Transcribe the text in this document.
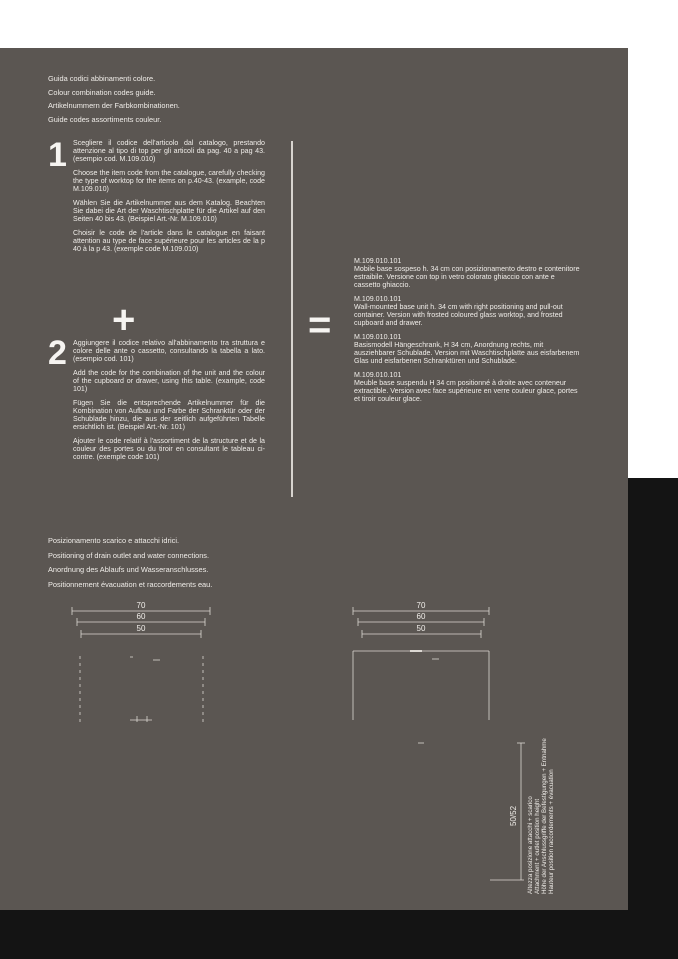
Guida codici abbinamenti colore.
Colour combination codes guide.
Artikelnummern der Farbkombinationen.
Guide codes assortiments couleur.
1 Scegliere il codice dell'articolo dal catalogo, prestando attenzione al tipo di top per gli articoli da pag. 40 a pag 43. (esempio cod. M.109.010)

Choose the item code from the catalogue, carefully checking the type of worktop for the items on p.40-43. (example, code M.109.010)

Wählen Sie die Artikelnummer aus dem Katalog. Beachten Sie dabei die Art der Waschtischplatte für die Artikel auf den Seiten 40 bis 43. (Beispiel Art.-Nr. M.109.010)

Choisir le code de l'article dans le catalogue en faisant attention au type de face supérieure pour les articles de la p 40 à la p 43. (exemple code M.109.010)

+
2 Aggiungere il codice relativo all'abbinamento tra struttura e colore delle ante o cassetto, consultando la tabella a lato. (esempio cod. 101)

Add the code for the combination of the unit and the colour of the cupboard or drawer, using this table. (example, code 101)

Fügen Sie die entsprechende Artikelnummer für die Kombination von Aufbau und Farbe der Schranktür oder der Schublade hinzu, die aus der seitlich aufgeführten Tabelle ersichtlich ist. (Beispiel Art.-Nr. 101)

Ajouter le code relatif à l'assortiment de la structure et de la couleur des portes ou du tiroir en consultant le tableau ci-contre. (exemple code 101)

=

M.109.010.101
Mobile base sospeso h. 34 cm con posizionamento destro e contenitore estraibile. Versione con top in vetro colorato ghiaccio con ante e cassetto ghiaccio.

M.109.010.101
Wall-mounted base unit h. 34 cm with right positioning and pull-out container. Version with frosted coloured glass worktop, and frosted cupboard and drawer.

M.109.010.101
Basismodell Hängeschrank, H 34 cm, Anordnung rechts, mit ausziehbarer Schublade. Version mit Waschtischplatte aus eisfarbenem Glas und eisfarbenen Schranktüren und Schublade.

M.109.010.101
Meuble base suspendu H 34 cm positionné à droite avec conteneur extractible. Version avec face supérieure en verre couleur glace, portes et tiroir couleur glace.

Posizionamento scarico e attacchi idrici.
Positioning of drain outlet and water connections.
Anordnung des Ablaufs und Wasseranschlusses.
Positionnement évacuation et raccordements eau.
70
60
50
70
60
50
50/52 Altezza posizione attacchi + scarico Attachment + outlet position height Höhe der Anschlussgriffe der Befestigungen + Entnahme Hauteur position raccordements + évacuation
